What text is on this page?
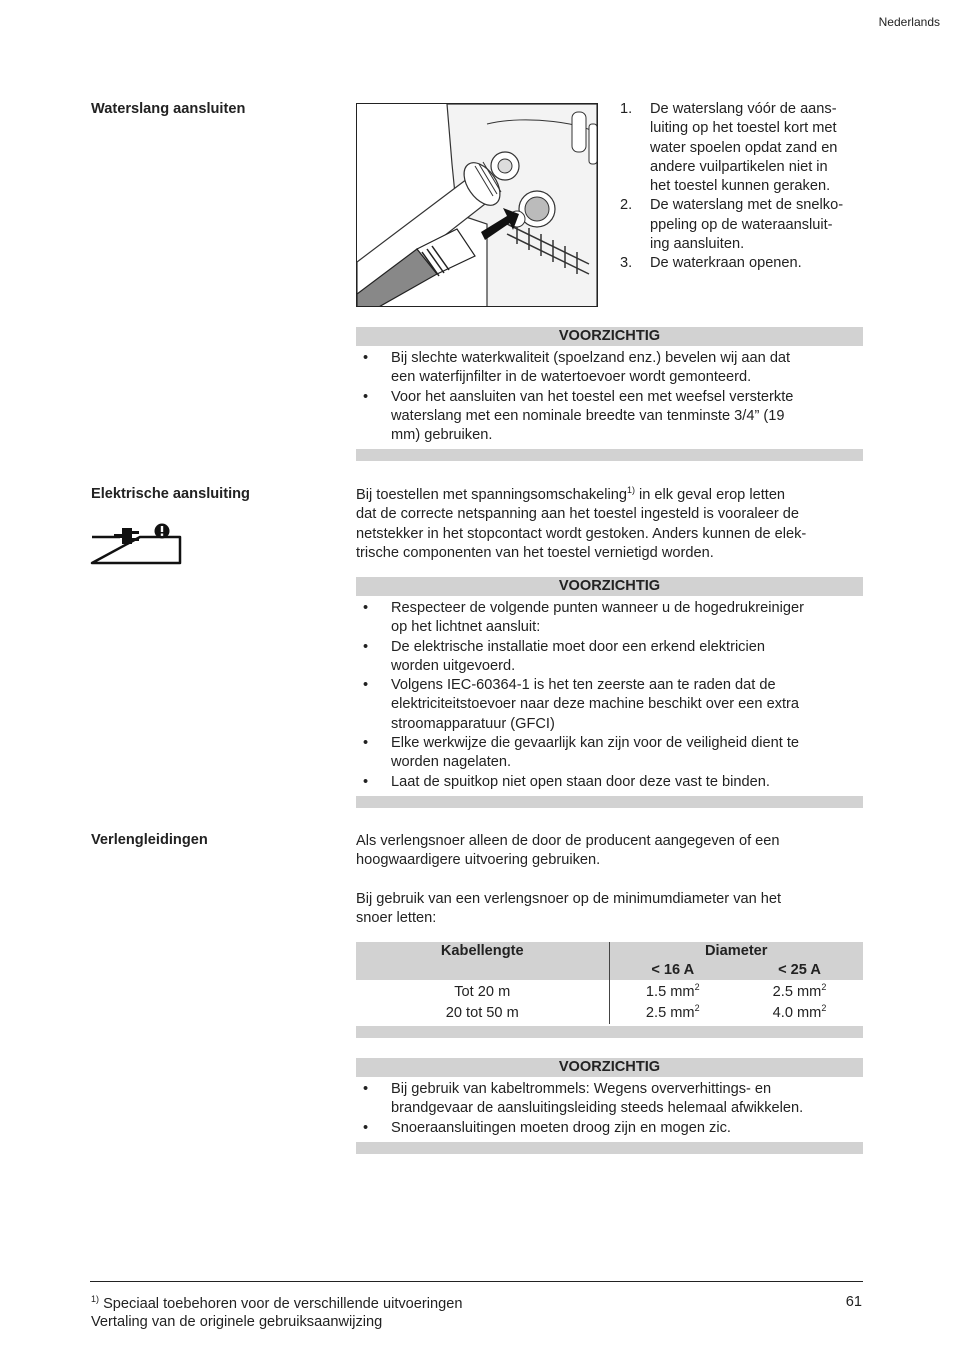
Nederlands
Waterslang aansluiten	1. De waterslang vóór de aans-
luiting op het toestel kort met
water spoelen opdat zand en
andere vuilpartikelen niet in
het toestel kunnen geraken.
2. De waterslang met de snelko-
ppeling op de wateraansluit-
ing aansluiten.
3. De waterkraan openen.
VOORZICHTIG
• Bij slechte waterkwaliteit (spoelzand enz.) bevelen wij aan dat
een waterfijnfilter in de watertoevoer wordt gemonteerd.
• Voor het aansluiten van het toestel een met weefsel versterkte
waterslang met een nominale breedte van tenminste 3/4” (19
mm) gebruiken.
Elektrische aansluiting	Bij toestellen met spanningsomschakeling$^{1)}$ in elk geval erop letten
dat de correcte netspanning aan het toestel ingesteld is vooraleer de
netstekker in het stopcontact wordt gestoken. Anders kunnen de elek-
trische componenten van het toestel vernietigd worden.
VOORZICHTIG
• Respecteer de volgende punten wanneer u de hogedrukreiniger
op het lichtnet aansluit:
• De elektrische installatie moet door een erkend elektricien
worden uitgevoerd.
• Volgens IEC-60364-1 is het ten zeerste aan te raden dat de
elektriciteitstoevoer naar deze machine beschikt over een extra
stroomapparatuur (GFCI)
• Elke werkwijze die gevaarlijk kan zijn voor de veiligheid dient te
worden nagelaten.
• Laat de spuitkop niet open staan door deze vast te binden.
Verlengleidingen	Als verlengsnoer alleen de door de producent aangegeven of een
hoogwaardigere uitvoering gebruiken.
Bij gebruik van een verlengsnoer op de minimumdiameter van het
snoer letten:
Kabellengte	Diameter	
	< 16 A	< 25 A

Tot 20 m	1.5 $mm^2$	2.5 $mm^2$
20 tot 50 m	2.5 $mm^2$	4.0 $mm^2$
VOORZICHTIG
• Bij gebruik van kabeltrommels: Wegens oververhittings- en
brandgevaar de aansluitingsleiding steeds helemaal afwikkelen.
• Snoeraansluitingen moeten droog zijn en mogen zic.
$^{1)}$ Speciaal toebehoren voor de verschillende uitvoeringen
Vertaling van de originele gebruiksaanwijzing
61
